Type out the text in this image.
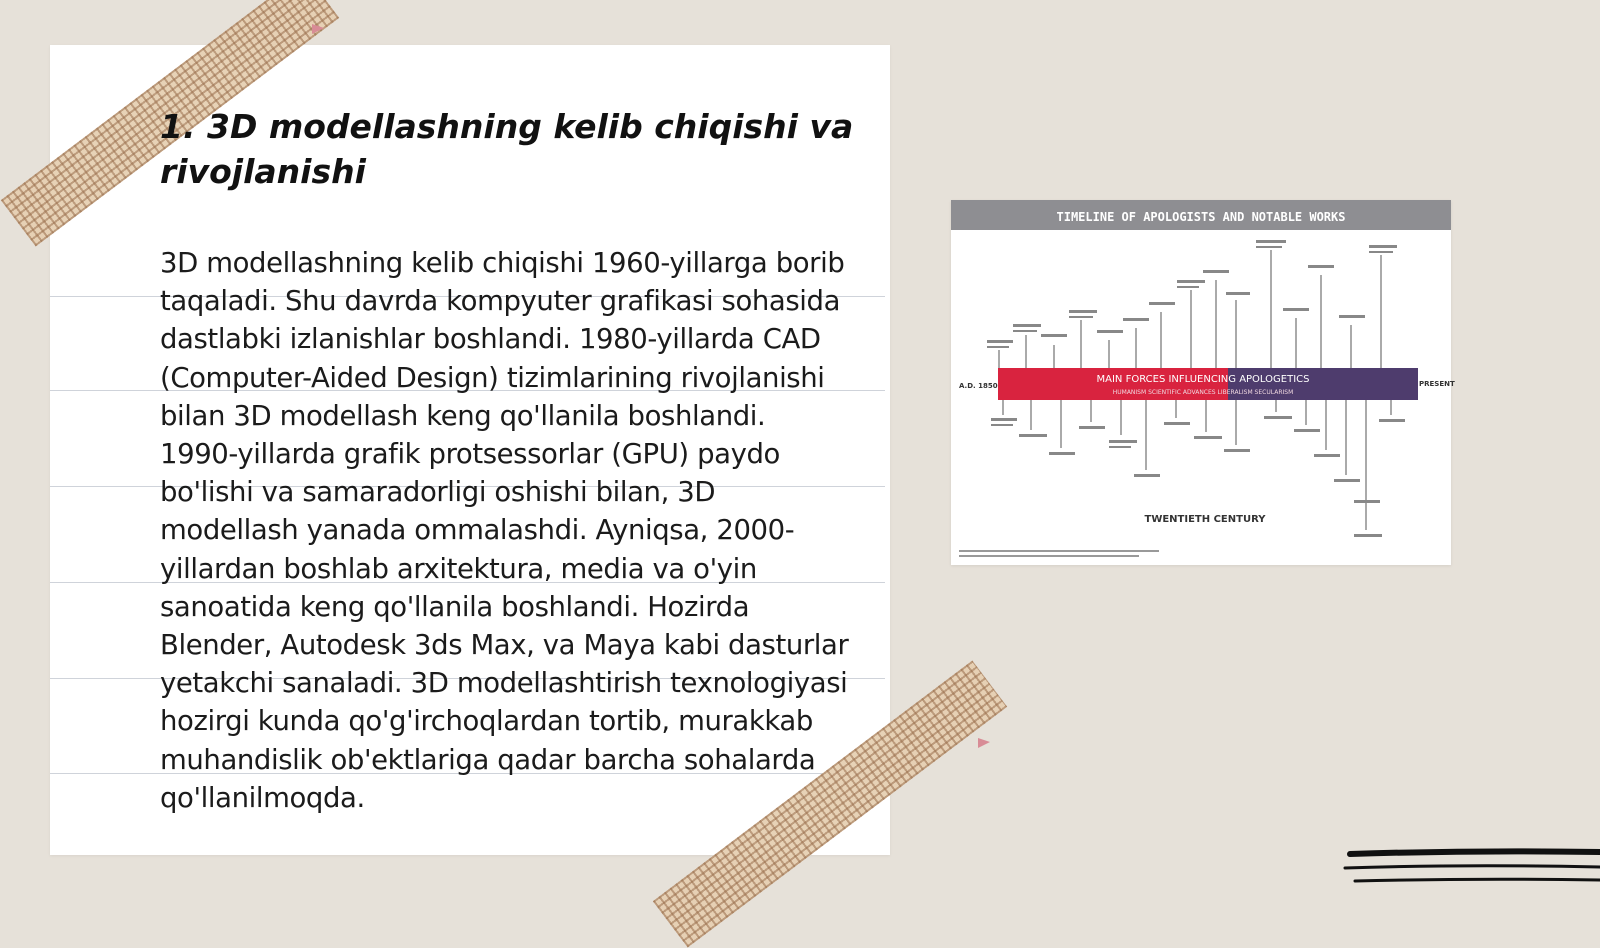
1. 3D modellashning kelib chiqishi va rivojlanishi

3D modellashning kelib chiqishi 1960-yillarga borib taqaladi. Shu davrda kompyuter grafikasi sohasida dastlabki izlanishlar boshlandi. 1980-yillarda CAD (Computer-Aided Design) tizimlarining rivojlanishi bilan 3D modellash keng qo'llanila boshlandi. 1990-yillarda grafik protsessorlar (GPU) paydo bo'lishi va samaradorligi oshishi bilan, 3D modellash yanada ommalashdi. Ayniqsa, 2000-yillardan boshlab arxitektura, media va o'yin sanoatida keng qo'llanila boshlandi. Hozirda Blender, Autodesk 3ds Max, va Maya kabi dasturlar yetakchi sanaladi. 3D modellashtirish texnologiyasi hozirgi kunda qo'g'irchoqlardan tortib, murakkab muhandislik ob'ektlariga qadar barcha sohalarda qo'llanilmoqda.

TIMELINE OF APOLOGISTS AND NOTABLE WORKS
MAIN FORCES INFLUENCING APOLOGETICS
HUMANISM SCIENTIFIC ADVANCES LIBERALISM SECULARISM
A.D. 1850	PRESENT
TWENTIETH CENTURY
